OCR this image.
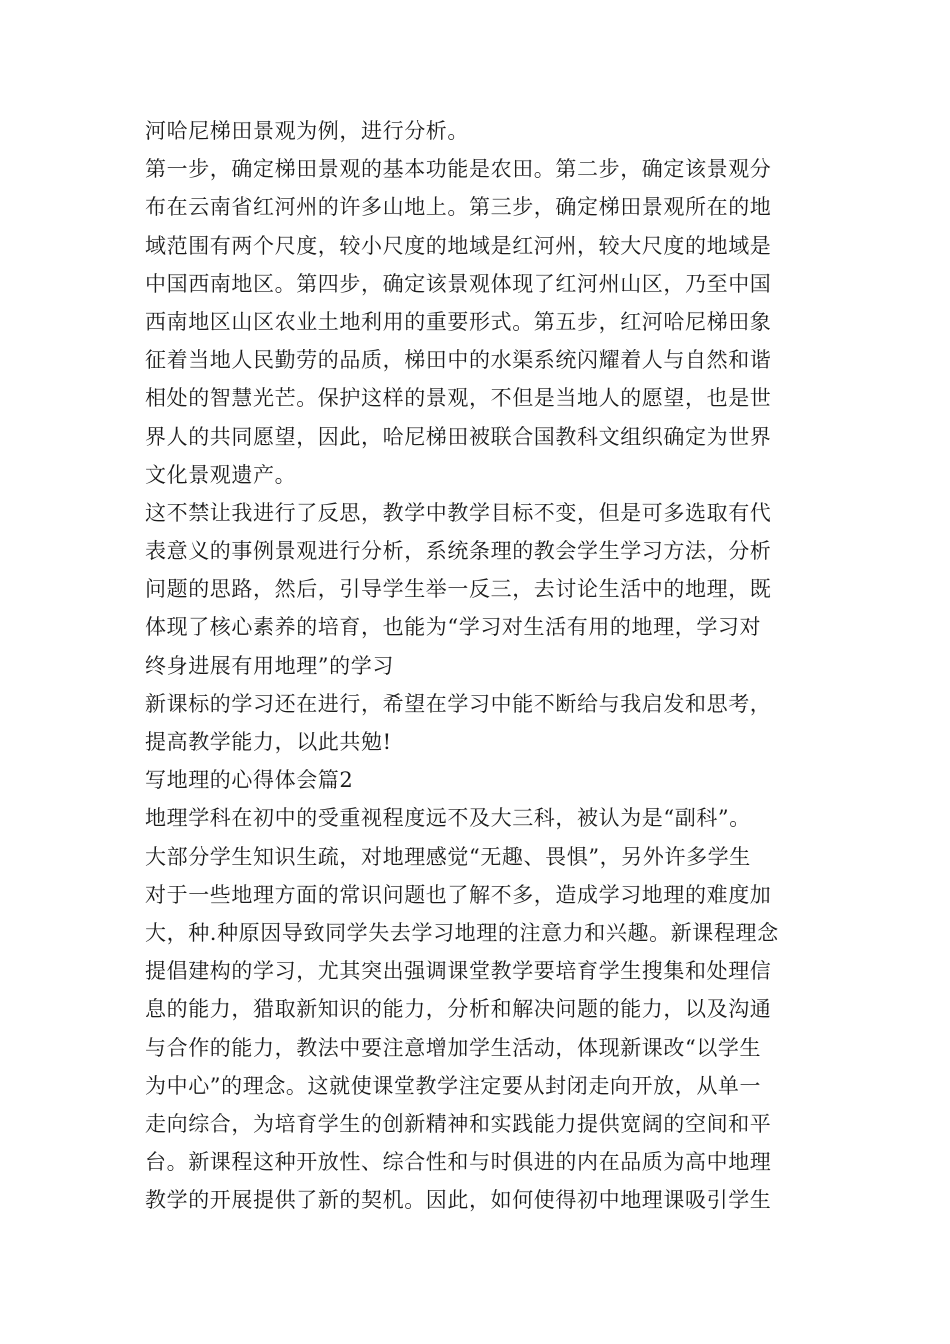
河哈尼梯田景观为例，进行分析。
第一步，确定梯田景观的基本功能是农田。第二步，确定该景观分
布在云南省红河州的许多山地上。第三步，确定梯田景观所在的地
域范围有两个尺度，较小尺度的地域是红河州，较大尺度的地域是
中国西南地区。第四步，确定该景观体现了红河州山区，乃至中国
西南地区山区农业土地利用的重要形式。第五步，红河哈尼梯田象
征着当地人民勤劳的品质，梯田中的水渠系统闪耀着人与自然和谐
相处的智慧光芒。保护这样的景观，不但是当地人的愿望，也是世
界人的共同愿望，因此，哈尼梯田被联合国教科文组织确定为世界
文化景观遗产。
这不禁让我进行了反思，教学中教学目标不变，但是可多选取有代
表意义的事例景观进行分析，系统条理的教会学生学习方法，分析
问题的思路，然后，引导学生举一反三，去讨论生活中的地理，既
体现了核心素养的培育，也能为“学习对生活有用的地理，学习对
终身进展有用地理”的学习
新课标的学习还在进行，希望在学习中能不断给与我启发和思考，
提高教学能力，以此共勉!
写地理的心得体会篇2
地理学科在初中的受重视程度远不及大三科，被认为是“副科”。
大部分学生知识生疏，对地理感觉“无趣、畏惧”，另外许多学生
对于一些地理方面的常识问题也了解不多，造成学习地理的难度加
大，种.种原因导致同学失去学习地理的注意力和兴趣。新课程理念
提倡建构的学习，尤其突出强调课堂教学要培育学生搜集和处理信
息的能力，猎取新知识的能力，分析和解决问题的能力，以及沟通
与合作的能力，教法中要注意增加学生活动，体现新课改“以学生
为中心”的理念。这就使课堂教学注定要从封闭走向开放，从单一
走向综合，为培育学生的创新精神和实践能力提供宽阔的空间和平
台。新课程这种开放性、综合性和与时俱进的内在品质为高中地理
教学的开展提供了新的契机。因此，如何使得初中地理课吸引学生
